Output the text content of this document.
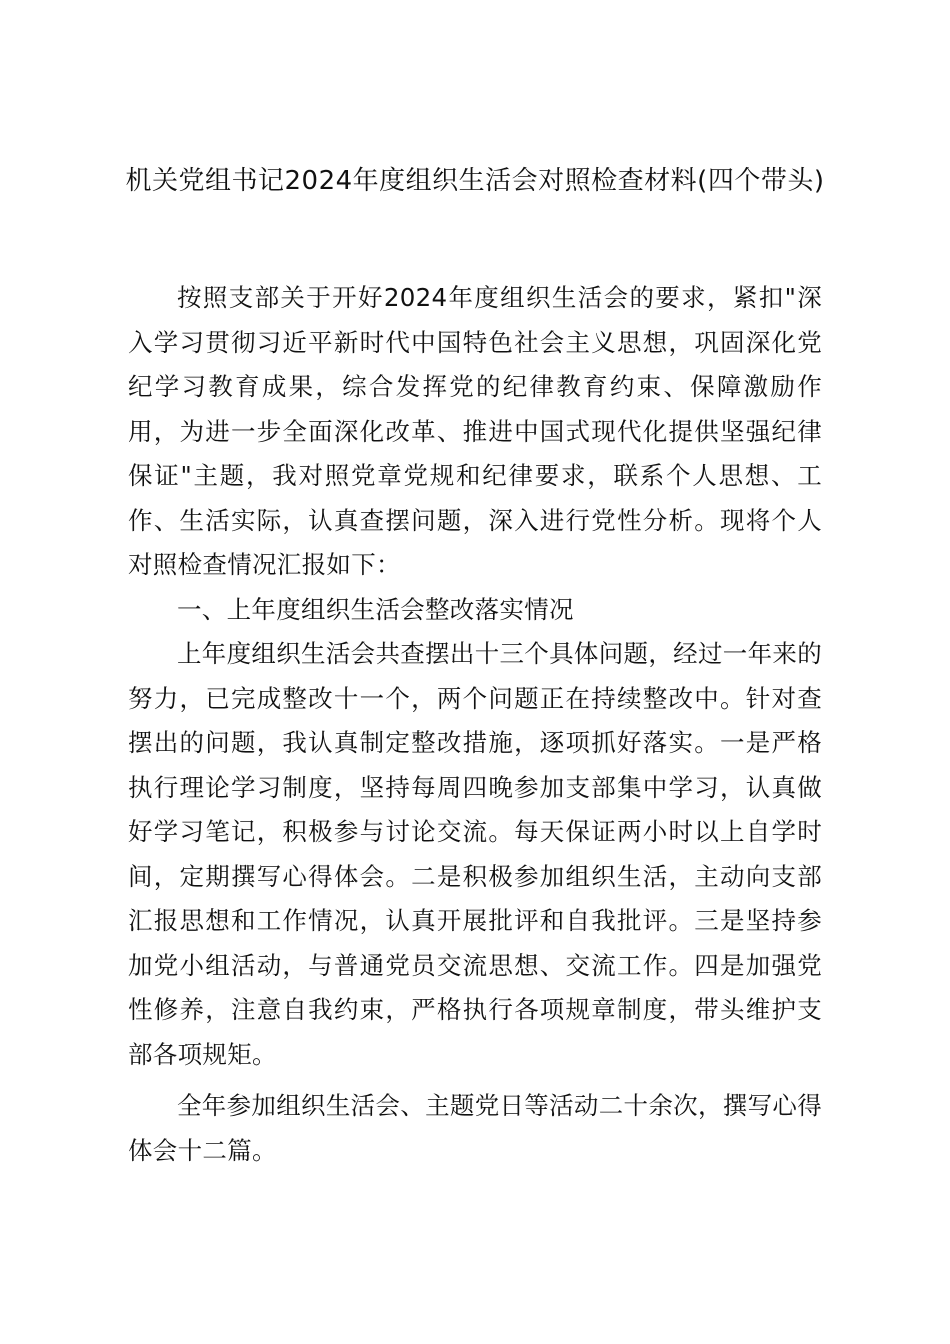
机关党组书记2024年度组织生活会对照检查材料(四个带头)

按照支部关于开好2024年度组织生活会的要求，紧扣"深入学习贯彻习近平新时代中国特色社会主义思想，巩固深化党纪学习教育成果，综合发挥党的纪律教育约束、保障激励作用，为进一步全面深化改革、推进中国式现代化提供坚强纪律保证"主题，我对照党章党规和纪律要求，联系个人思想、工作、生活实际，认真查摆问题，深入进行党性分析。现将个人对照检查情况汇报如下：

一、上年度组织生活会整改落实情况

上年度组织生活会共查摆出十三个具体问题，经过一年来的努力，已完成整改十一个，两个问题正在持续整改中。针对查摆出的问题，我认真制定整改措施，逐项抓好落实。一是严格执行理论学习制度，坚持每周四晚参加支部集中学习，认真做好学习笔记，积极参与讨论交流。每天保证两小时以上自学时间，定期撰写心得体会。二是积极参加组织生活，主动向支部汇报思想和工作情况，认真开展批评和自我批评。三是坚持参加党小组活动，与普通党员交流思想、交流工作。四是加强党性修养，注意自我约束，严格执行各项规章制度，带头维护支部各项规矩。

全年参加组织生活会、主题党日等活动二十余次，撰写心得体会十二篇。
